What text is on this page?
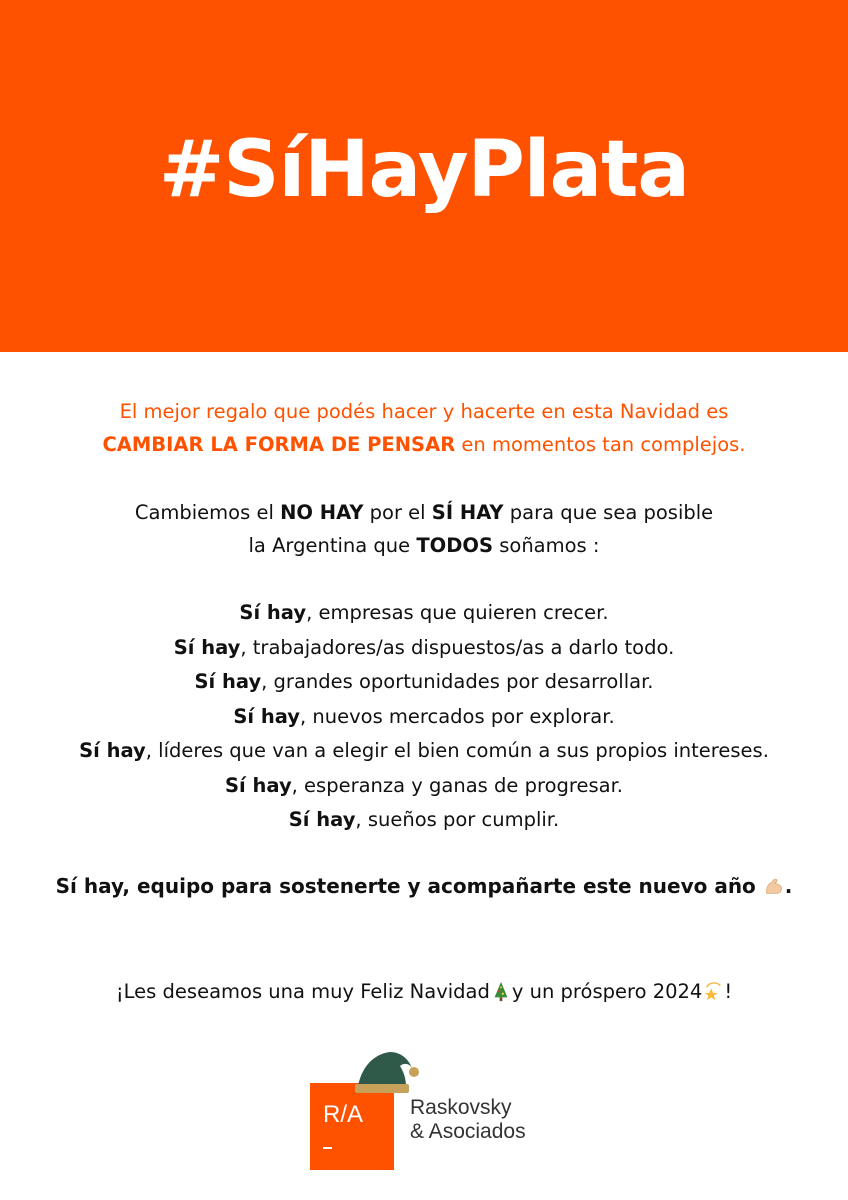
#SíHayPlata
El mejor regalo que podés hacer y hacerte en esta Navidad es
CAMBIAR LA FORMA DE PENSAR en momentos tan complejos.
Cambiemos el NO HAY por el SÍ HAY para que sea posible
la Argentina que TODOS soñamos :
Sí hay, empresas que quieren crecer.
Sí hay, trabajadores/as dispuestos/as a darlo todo.
Sí hay, grandes oportunidades por desarrollar.
Sí hay, nuevos mercados por explorar.
Sí hay, líderes que van a elegir el bien común a sus propios intereses.
Sí hay, esperanza y ganas de progresar.
Sí hay, sueños por cumplir.
Sí hay, equipo para sostenerte y acompañarte este nuevo año .
¡Les deseamos una muy Feliz Navidad y un próspero 2024 !
R/A Raskovsky
& Asociados
